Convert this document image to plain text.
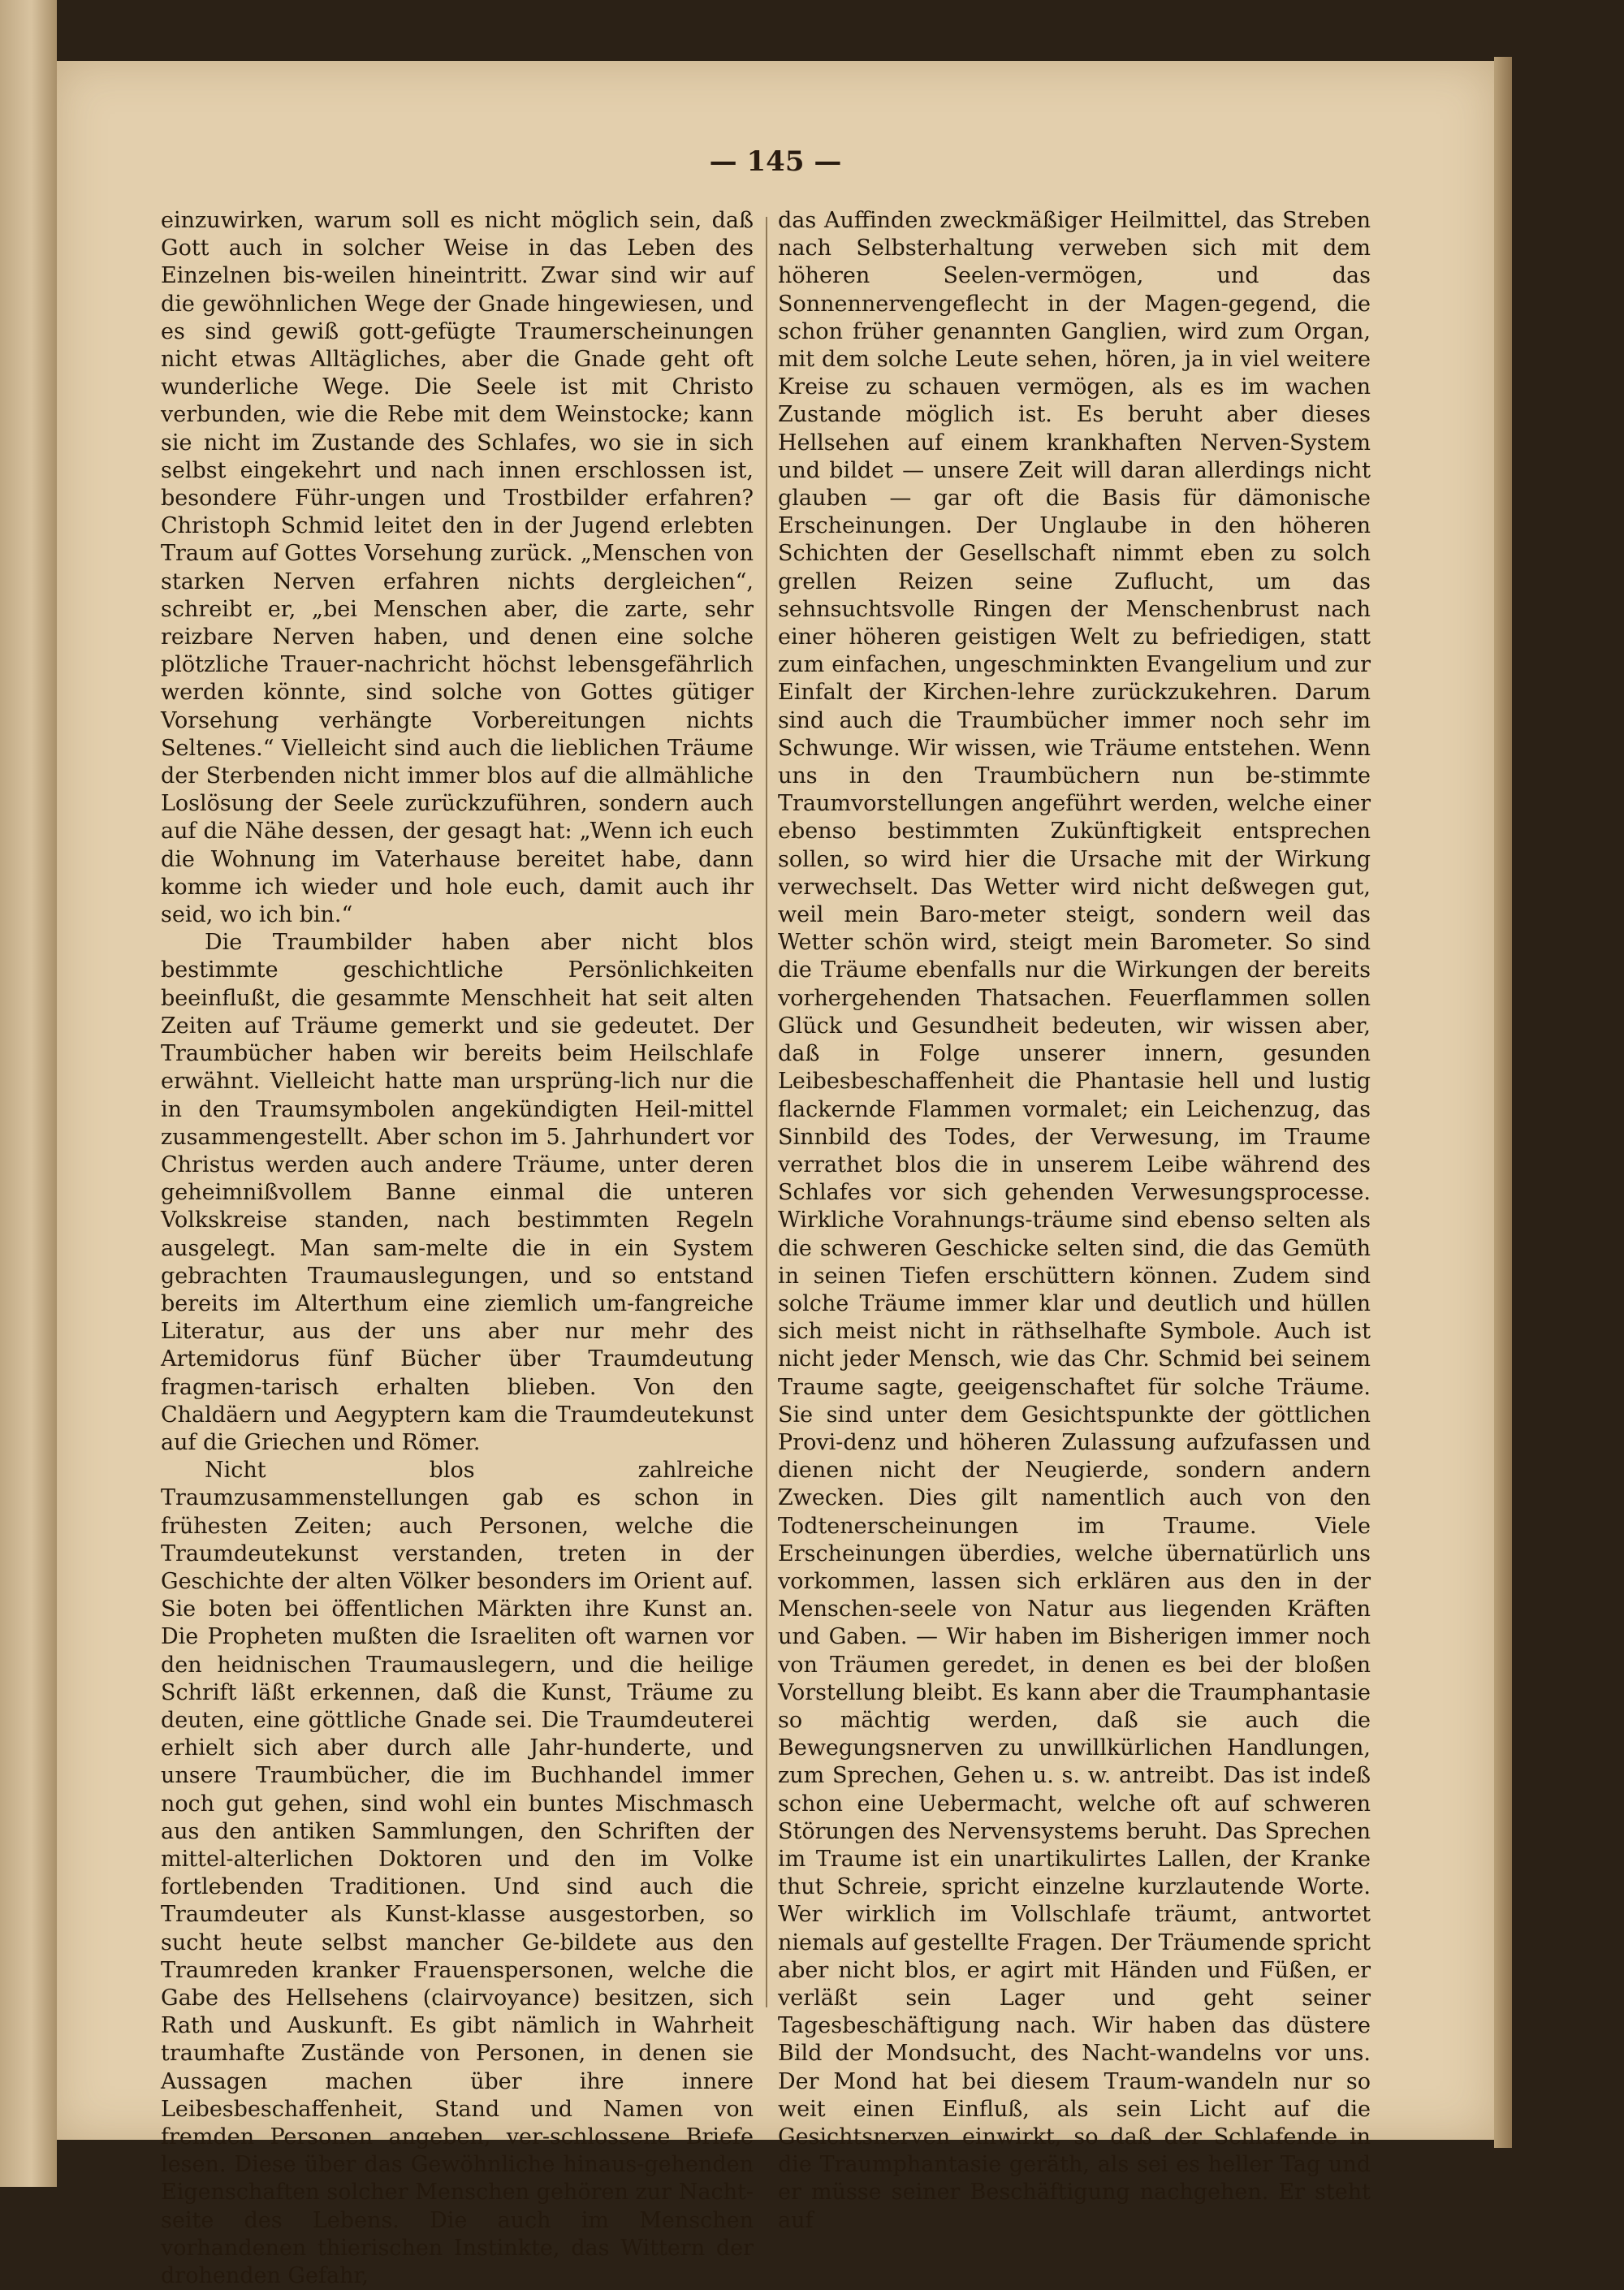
— 145 —

einzuwirken, warum soll es nicht möglich sein, daß Gott auch in solcher Weise in das Leben des Einzelnen bis-weilen hineintritt. Zwar sind wir auf die gewöhnlichen Wege der Gnade hingewiesen, und es sind gewiß gott-gefügte Traumerscheinungen nicht etwas Alltägliches, aber die Gnade geht oft wunderliche Wege. Die Seele ist mit Christo verbunden, wie die Rebe mit dem Weinstocke; kann sie nicht im Zustande des Schlafes, wo sie in sich selbst eingekehrt und nach innen erschlossen ist, besondere Führ-ungen und Trostbilder erfahren? Christoph Schmid leitet den in der Jugend erlebten Traum auf Gottes Vorsehung zurück. „Menschen von starken Nerven erfahren nichts dergleichen“, schreibt er, „bei Menschen aber, die zarte, sehr reizbare Nerven haben, und denen eine solche plötzliche Trauer-nachricht höchst lebensgefährlich werden könnte, sind solche von Gottes gütiger Vorsehung verhängte Vorbereitungen nichts Seltenes.“ Vielleicht sind auch die lieblichen Träume der Sterbenden nicht immer blos auf die allmähliche Loslösung der Seele zurückzuführen, sondern auch auf die Nähe dessen, der gesagt hat: „Wenn ich euch die Wohnung im Vaterhause bereitet habe, dann komme ich wieder und hole euch, damit auch ihr seid, wo ich bin.“

Die Traumbilder haben aber nicht blos bestimmte geschichtliche Persönlichkeiten beeinflußt, die gesammte Menschheit hat seit alten Zeiten auf Träume gemerkt und sie gedeutet. Der Traumbücher haben wir bereits beim Heilschlafe erwähnt. Vielleicht hatte man ursprüng-lich nur die in den Traumsymbolen angekündigten Heil-mittel zusammengestellt. Aber schon im 5. Jahrhundert vor Christus werden auch andere Träume, unter deren geheimnißvollem Banne einmal die unteren Volkskreise standen, nach bestimmten Regeln ausgelegt. Man sam-melte die in ein System gebrachten Traumauslegungen, und so entstand bereits im Alterthum eine ziemlich um-fangreiche Literatur, aus der uns aber nur mehr des Artemidorus fünf Bücher über Traumdeutung fragmen-tarisch erhalten blieben. Von den Chaldäern und Aegyptern kam die Traumdeutekunst auf die Griechen und Römer.

Nicht blos zahlreiche Traumzusammenstellungen gab es schon in frühesten Zeiten; auch Personen, welche die Traumdeutekunst verstanden, treten in der Geschichte der alten Völker besonders im Orient auf. Sie boten bei öffentlichen Märkten ihre Kunst an. Die Propheten mußten die Israeliten oft warnen vor den heidnischen Traumauslegern, und die heilige Schrift läßt erkennen, daß die Kunst, Träume zu deuten, eine göttliche Gnade sei. Die Traumdeuterei erhielt sich aber durch alle Jahr-hunderte, und unsere Traumbücher, die im Buchhandel immer noch gut gehen, sind wohl ein buntes Mischmasch aus den antiken Sammlungen, den Schriften der mittel-alterlichen Doktoren und den im Volke fortlebenden Traditionen. Und sind auch die Traumdeuter als Kunst-klasse ausgestorben, so sucht heute selbst mancher Ge-bildete aus den Traumreden kranker Frauenspersonen, welche die Gabe des Hellsehens (clairvoyance) besitzen, sich Rath und Auskunft. Es gibt nämlich in Wahrheit traumhafte Zustände von Personen, in denen sie Aussagen machen über ihre innere Leibesbeschaffenheit, Stand und Namen von fremden Personen angeben, ver-schlossene Briefe lesen. Diese über das Gewöhnliche hinaus-gehenden Eigenschaften solcher Menschen gehören zur Nacht-seite des Lebens. Die auch im Menschen vorhandenen thierischen Instinkte, das Wittern der drohenden Gefahr,

das Auffinden zweckmäßiger Heilmittel, das Streben nach Selbsterhaltung verweben sich mit dem höheren Seelen-vermögen, und das Sonnennervengeflecht in der Magen-gegend, die schon früher genannten Ganglien, wird zum Organ, mit dem solche Leute sehen, hören, ja in viel weitere Kreise zu schauen vermögen, als es im wachen Zustande möglich ist. Es beruht aber dieses Hellsehen auf einem krankhaften Nerven-System und bildet — unsere Zeit will daran allerdings nicht glauben — gar oft die Basis für dämonische Erscheinungen. Der Unglaube in den höheren Schichten der Gesellschaft nimmt eben zu solch grellen Reizen seine Zuflucht, um das sehnsuchtsvolle Ringen der Menschenbrust nach einer höheren geistigen Welt zu befriedigen, statt zum einfachen, ungeschminkten Evangelium und zur Einfalt der Kirchen-lehre zurückzukehren. Darum sind auch die Traumbücher immer noch sehr im Schwunge. Wir wissen, wie Träume entstehen. Wenn uns in den Traumbüchern nun be-stimmte Traumvorstellungen angeführt werden, welche einer ebenso bestimmten Zukünftigkeit entsprechen sollen, so wird hier die Ursache mit der Wirkung verwechselt. Das Wetter wird nicht deßwegen gut, weil mein Baro-meter steigt, sondern weil das Wetter schön wird, steigt mein Barometer. So sind die Träume ebenfalls nur die Wirkungen der bereits vorhergehenden Thatsachen. Feuerflammen sollen Glück und Gesundheit bedeuten, wir wissen aber, daß in Folge unserer innern, gesunden Leibesbeschaffenheit die Phantasie hell und lustig flackernde Flammen vormalet; ein Leichenzug, das Sinnbild des Todes, der Verwesung, im Traume verrathet blos die in unserem Leibe während des Schlafes vor sich gehenden Verwesungsprocesse. Wirkliche Vorahnungs-träume sind ebenso selten als die schweren Geschicke selten sind, die das Gemüth in seinen Tiefen erschüttern können. Zudem sind solche Träume immer klar und deutlich und hüllen sich meist nicht in räthselhafte Symbole. Auch ist nicht jeder Mensch, wie das Chr. Schmid bei seinem Traume sagte, geeigenschaftet für solche Träume. Sie sind unter dem Gesichtspunkte der göttlichen Provi-denz und höheren Zulassung aufzufassen und dienen nicht der Neugierde, sondern andern Zwecken. Dies gilt namentlich auch von den Todtenerscheinungen im Traume. Viele Erscheinungen überdies, welche übernatürlich uns vorkommen, lassen sich erklären aus den in der Menschen-seele von Natur aus liegenden Kräften und Gaben. — Wir haben im Bisherigen immer noch von Träumen geredet, in denen es bei der bloßen Vorstellung bleibt. Es kann aber die Traumphantasie so mächtig werden, daß sie auch die Bewegungsnerven zu unwillkürlichen Handlungen, zum Sprechen, Gehen u. s. w. antreibt. Das ist indeß schon eine Uebermacht, welche oft auf schweren Störungen des Nervensystems beruht. Das Sprechen im Traume ist ein unartikulirtes Lallen, der Kranke thut Schreie, spricht einzelne kurzlautende Worte. Wer wirklich im Vollschlafe träumt, antwortet niemals auf gestellte Fragen. Der Träumende spricht aber nicht blos, er agirt mit Händen und Füßen, er verläßt sein Lager und geht seiner Tagesbeschäftigung nach. Wir haben das düstere Bild der Mondsucht, des Nacht-wandelns vor uns. Der Mond hat bei diesem Traum-wandeln nur so weit einen Einfluß, als sein Licht auf die Gesichtsnerven einwirkt, so daß der Schlafende in die Traumphantasie geräth, als sei es heller Tag und er müsse seiner Beschäftigung nachgehen. Er steht auf
